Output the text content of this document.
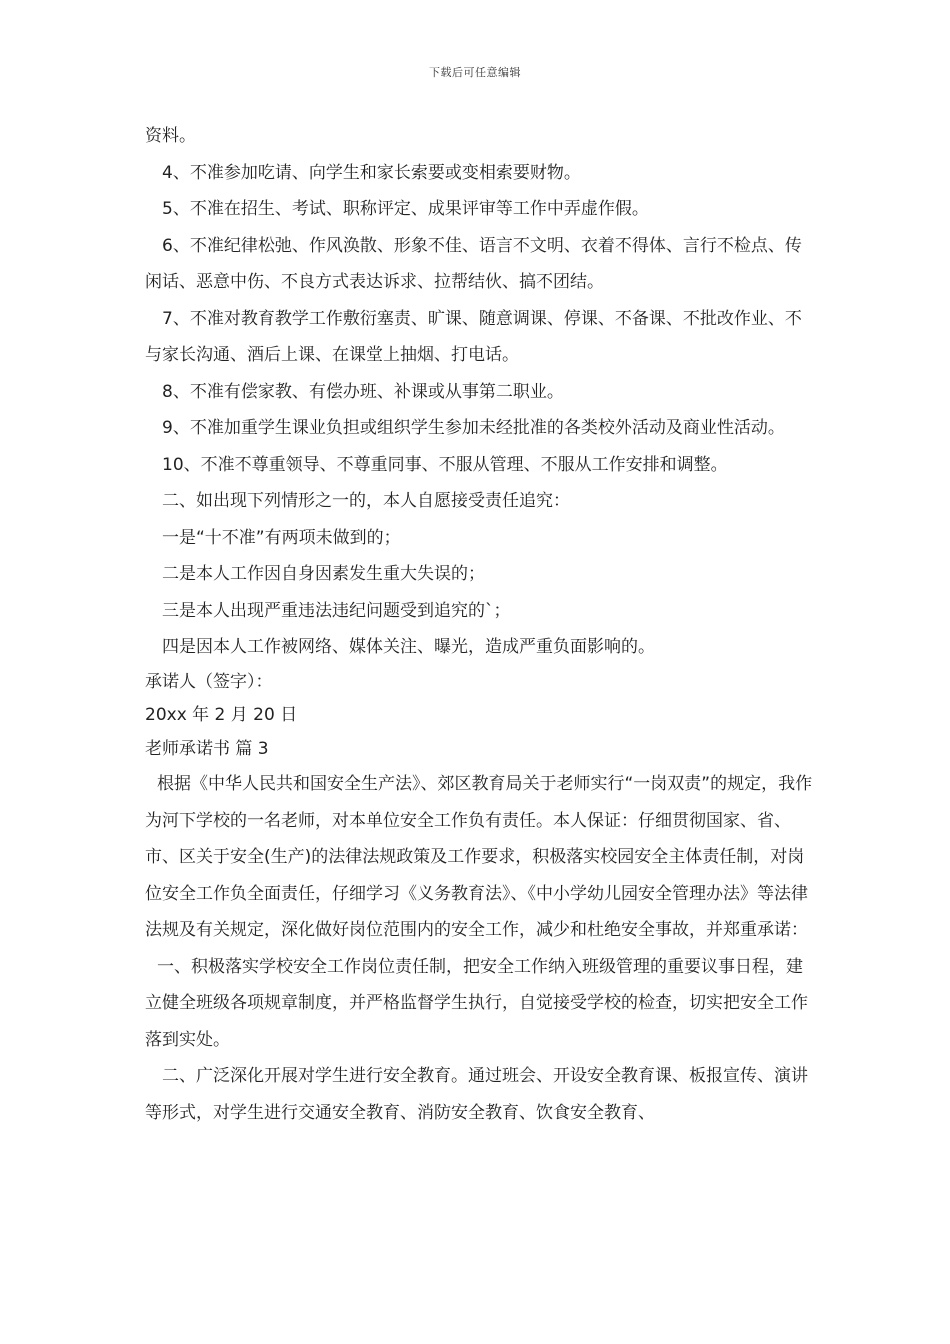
下载后可任意编辑

资料。

4、不准参加吃请、向学生和家长索要或变相索要财物。

5、不准在招生、考试、职称评定、成果评审等工作中弄虚作假。

6、不准纪律松弛、作风涣散、形象不佳、语言不文明、衣着不得体、言行不检点、传闲话、恶意中伤、不良方式表达诉求、拉帮结伙、搞不团结。

7、不准对教育教学工作敷衍塞责、旷课、随意调课、停课、不备课、不批改作业、不与家长沟通、酒后上课、在课堂上抽烟、打电话。

8、不准有偿家教、有偿办班、补课或从事第二职业。

9、不准加重学生课业负担或组织学生参加未经批准的各类校外活动及商业性活动。

10、不准不尊重领导、不尊重同事、不服从管理、不服从工作安排和调整。

二、如出现下列情形之一的，本人自愿接受责任追究：

一是“十不准”有两项未做到的；

二是本人工作因自身因素发生重大失误的；

三是本人出现严重违法违纪问题受到追究的`；

四是因本人工作被网络、媒体关注、曝光，造成严重负面影响的。

承诺人（签字）：

20xx 年 2 月 20 日

老师承诺书 篇 3

根据《中华人民共和国安全生产法》、郊区教育局关于老师实行“一岗双责”的规定，我作为河下学校的一名老师，对本单位安全工作负有责任。本人保证：仔细贯彻国家、省、市、区关于安全(生产)的法律法规政策及工作要求，积极落实校园安全主体责任制，对岗位安全工作负全面责任，仔细学习《义务教育法》、《中小学幼儿园安全管理办法》等法律法规及有关规定，深化做好岗位范围内的安全工作，减少和杜绝安全事故，并郑重承诺：

一、积极落实学校安全工作岗位责任制，把安全工作纳入班级管理的重要议事日程，建立健全班级各项规章制度，并严格监督学生执行，自觉接受学校的检查，切实把安全工作落到实处。

二、广泛深化开展对学生进行安全教育。通过班会、开设安全教育课、板报宣传、演讲等形式，对学生进行交通安全教育、消防安全教育、饮食安全教育、
